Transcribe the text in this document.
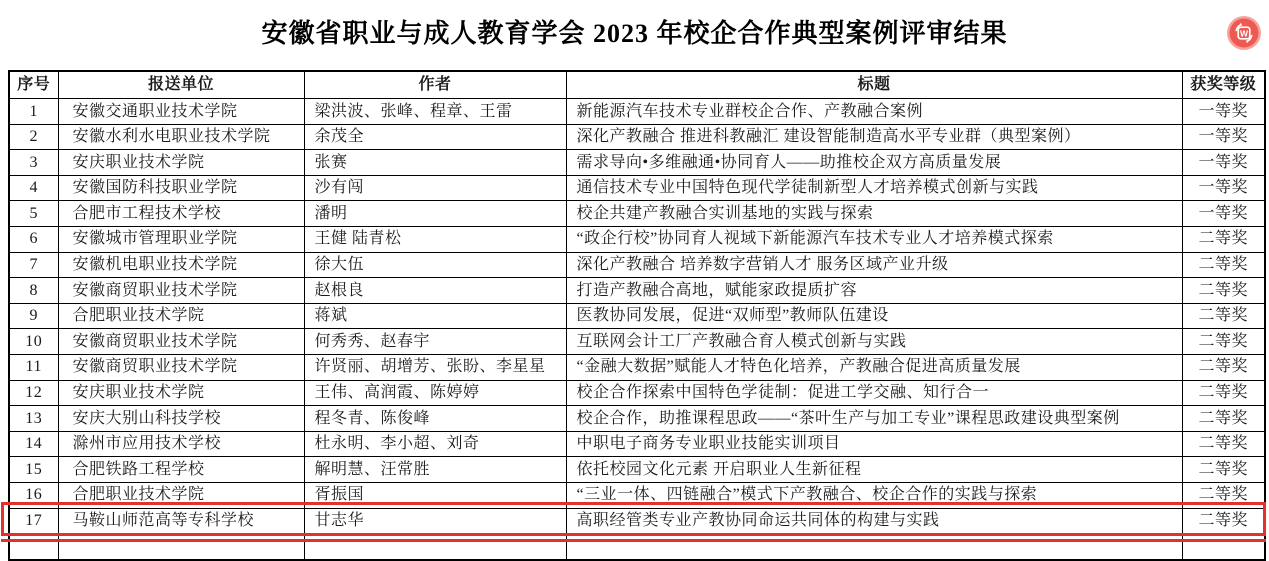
W
安徽省职业与成人教育学会 2023 年校企合作典型案例评审结果
序号	报送单位	作者	标题	获奖等级
1	安徽交通职业技术学院	梁洪波、张峰、程章、王雷	新能源汽车技术专业群校企合作、产教融合案例	一等奖
2	安徽水利水电职业技术学院	余茂全	深化产教融合 推进科教融汇 建设智能制造高水平专业群（典型案例）	一等奖
3	安庆职业技术学院	张赛	需求导向•多维融通•协同育人——助推校企双方高质量发展	一等奖
4	安徽国防科技职业学院	沙有闯	通信技术专业中国特色现代学徒制新型人才培养模式创新与实践	一等奖
5	合肥市工程技术学校	潘明	校企共建产教融合实训基地的实践与探索	一等奖
6	安徽城市管理职业学院	王健 陆青松	“政企行校”协同育人视域下新能源汽车技术专业人才培养模式探索	二等奖
7	安徽机电职业技术学院	徐大伍	深化产教融合 培养数字营销人才 服务区域产业升级	二等奖
8	安徽商贸职业技术学院	赵根良	打造产教融合高地，赋能家政提质扩容	二等奖
9	合肥职业技术学院	蒋斌	医教协同发展，促进“双师型”教师队伍建设	二等奖
10	安徽商贸职业技术学院	何秀秀、赵春宇	互联网会计工厂产教融合育人模式创新与实践	二等奖
11	安徽商贸职业技术学院	许贤丽、胡增芳、张盼、李星星	“金融大数据”赋能人才特色化培养，产教融合促进高质量发展	二等奖
12	安庆职业技术学院	王伟、高润霞、陈婷婷	校企合作探索中国特色学徒制：促进工学交融、知行合一	二等奖
13	安庆大别山科技学校	程冬青、陈俊峰	校企合作，助推课程思政——“茶叶生产与加工专业”课程思政建设典型案例	二等奖
14	滁州市应用技术学校	杜永明、李小超、刘奇	中职电子商务专业职业技能实训项目	二等奖
15	合肥铁路工程学校	解明慧、汪常胜	依托校园文化元素 开启职业人生新征程	二等奖
16	合肥职业技术学院	胥振国	“三业一体、四链融合”模式下产教融合、校企合作的实践与探索	二等奖
17	马鞍山师范高等专科学校	甘志华	高职经管类专业产教协同命运共同体的构建与实践	二等奖
